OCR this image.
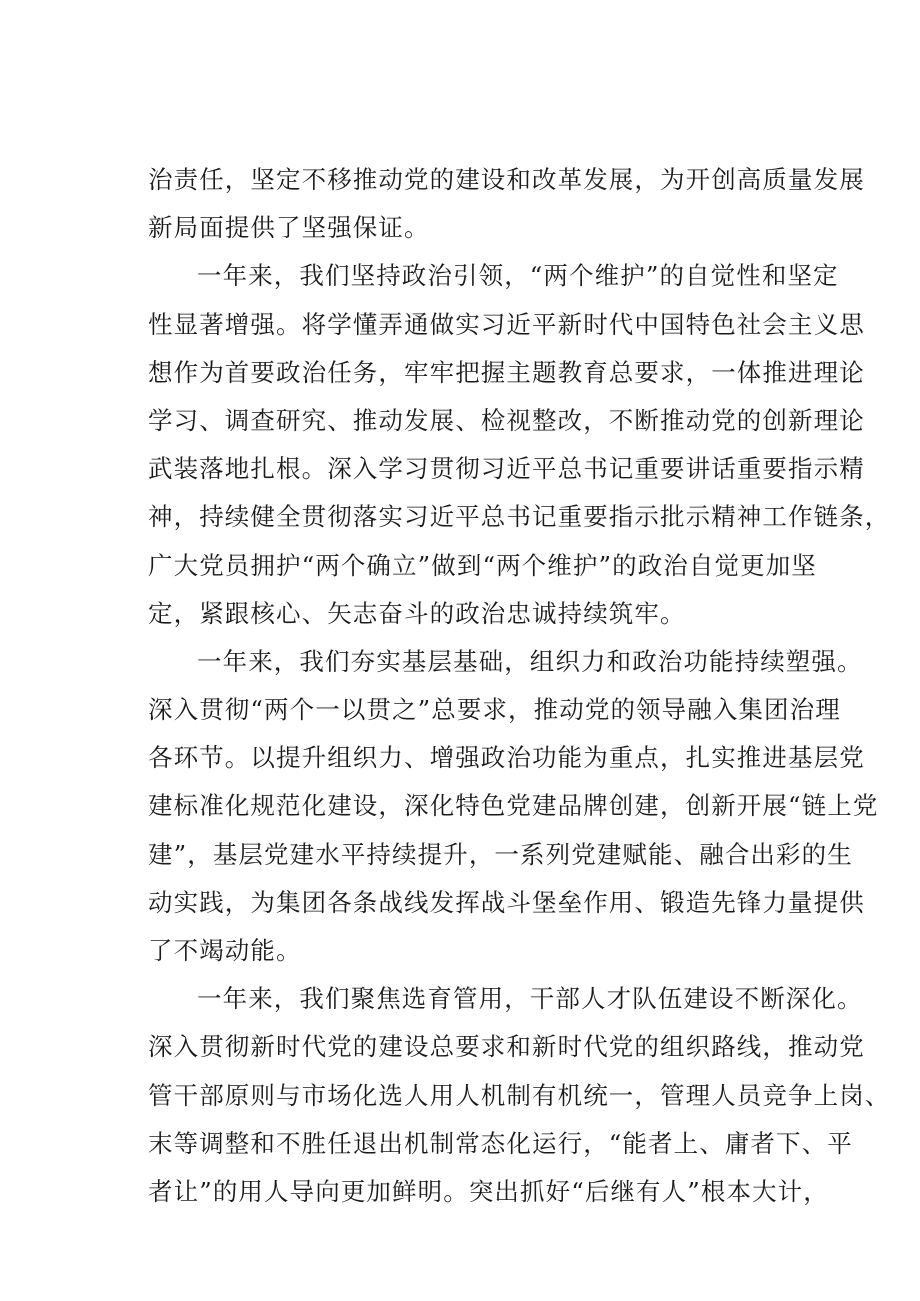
治责任，坚定不移推动党的建设和改革发展，为开创高质量发展
新局面提供了坚强保证。
一年来，我们坚持政治引领，“两个维护”的自觉性和坚定
性显著增强。将学懂弄通做实习近平新时代中国特色社会主义思
想作为首要政治任务，牢牢把握主题教育总要求，一体推进理论
学习、调查研究、推动发展、检视整改，不断推动党的创新理论
武装落地扎根。深入学习贯彻习近平总书记重要讲话重要指示精
神，持续健全贯彻落实习近平总书记重要指示批示精神工作链条，
广大党员拥护“两个确立”做到“两个维护”的政治自觉更加坚
定，紧跟核心、矢志奋斗的政治忠诚持续筑牢。
一年来，我们夯实基层基础，组织力和政治功能持续塑强。
深入贯彻“两个一以贯之”总要求，推动党的领导融入集团治理
各环节。以提升组织力、增强政治功能为重点，扎实推进基层党
建标准化规范化建设，深化特色党建品牌创建，创新开展“链上党
建”，基层党建水平持续提升，一系列党建赋能、融合出彩的生
动实践，为集团各条战线发挥战斗堡垒作用、锻造先锋力量提供
了不竭动能。
一年来，我们聚焦选育管用，干部人才队伍建设不断深化。
深入贯彻新时代党的建设总要求和新时代党的组织路线，推动党
管干部原则与市场化选人用人机制有机统一，管理人员竞争上岗、
末等调整和不胜任退出机制常态化运行，“能者上、庸者下、平
者让”的用人导向更加鲜明。突出抓好“后继有人”根本大计，
